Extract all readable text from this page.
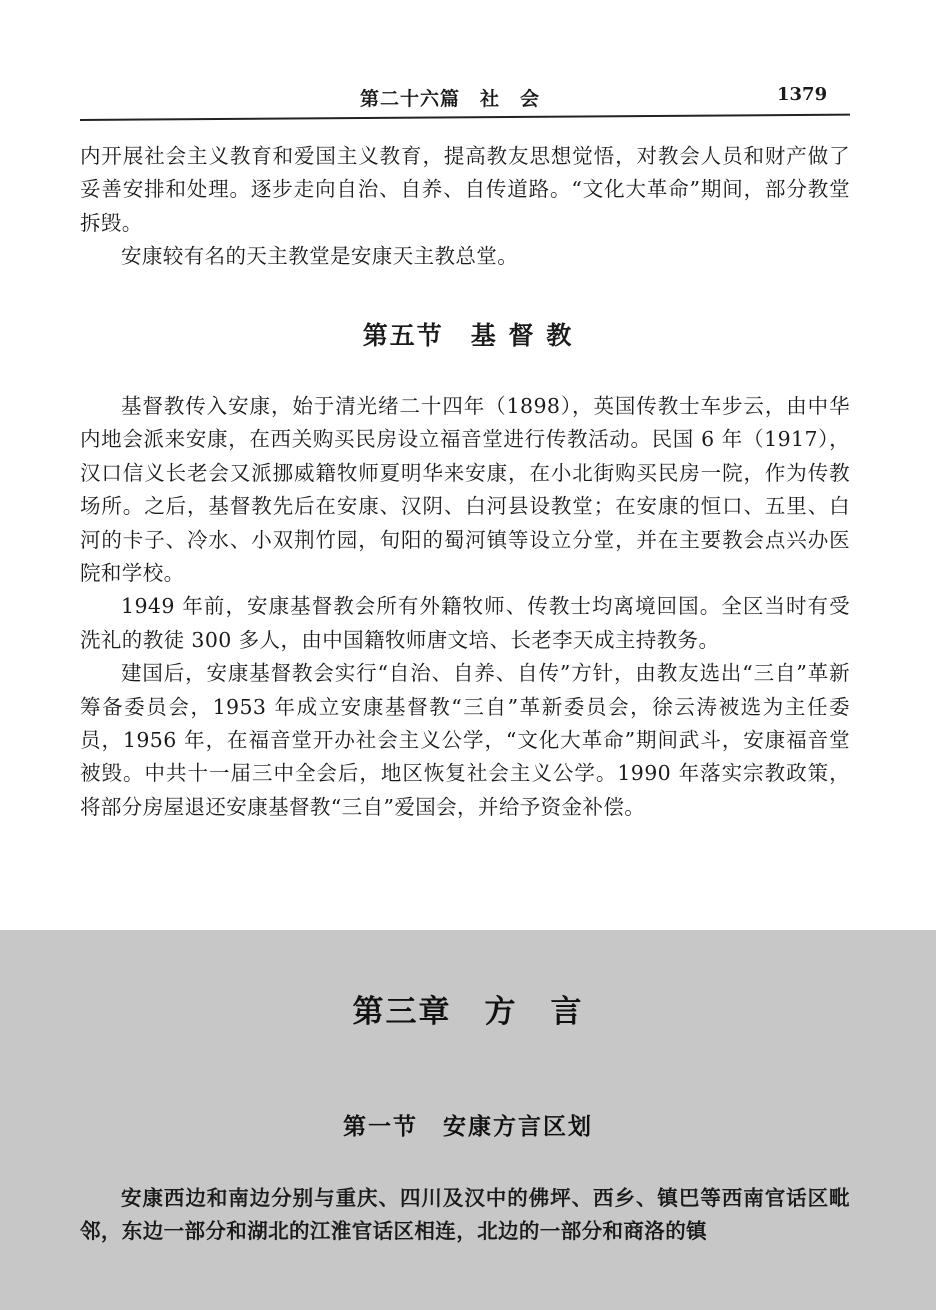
第二十六篇　社　会	1379

内开展社会主义教育和爱国主义教育，提高教友思想觉悟，对教会人员和财产做了妥善安排和处理。逐步走向自治、自养、自传道路。“文化大革命”期间，部分教堂拆毁。

安康较有名的天主教堂是安康天主教总堂。

第五节　基 督 教

基督教传入安康，始于清光绪二十四年（1898），英国传教士车步云，由中华内地会派来安康，在西关购买民房设立福音堂进行传教活动。民国 6 年（1917），汉口信义长老会又派挪威籍牧师夏明华来安康，在小北街购买民房一院，作为传教场所。之后，基督教先后在安康、汉阴、白河县设教堂；在安康的恒口、五里、白河的卡子、冷水、小双荆竹园，旬阳的蜀河镇等设立分堂，并在主要教会点兴办医院和学校。

1949 年前，安康基督教会所有外籍牧师、传教士均离境回国。全区当时有受洗礼的教徒 300 多人，由中国籍牧师唐文培、长老李天成主持教务。

建国后，安康基督教会实行“自治、自养、自传”方针，由教友选出“三自”革新筹备委员会，1953 年成立安康基督教“三自”革新委员会，徐云涛被选为主任委员，1956 年，在福音堂开办社会主义公学，“文化大革命”期间武斗，安康福音堂被毁。中共十一届三中全会后，地区恢复社会主义公学。1990 年落实宗教政策，将部分房屋退还安康基督教“三自”爱国会，并给予资金补偿。

第三章　方　言
第一节　安康方言区划

安康西边和南边分别与重庆、四川及汉中的佛坪、西乡、镇巴等西南官话区毗邻，东边一部分和湖北的江淮官话区相连，北边的一部分和商洛的镇
